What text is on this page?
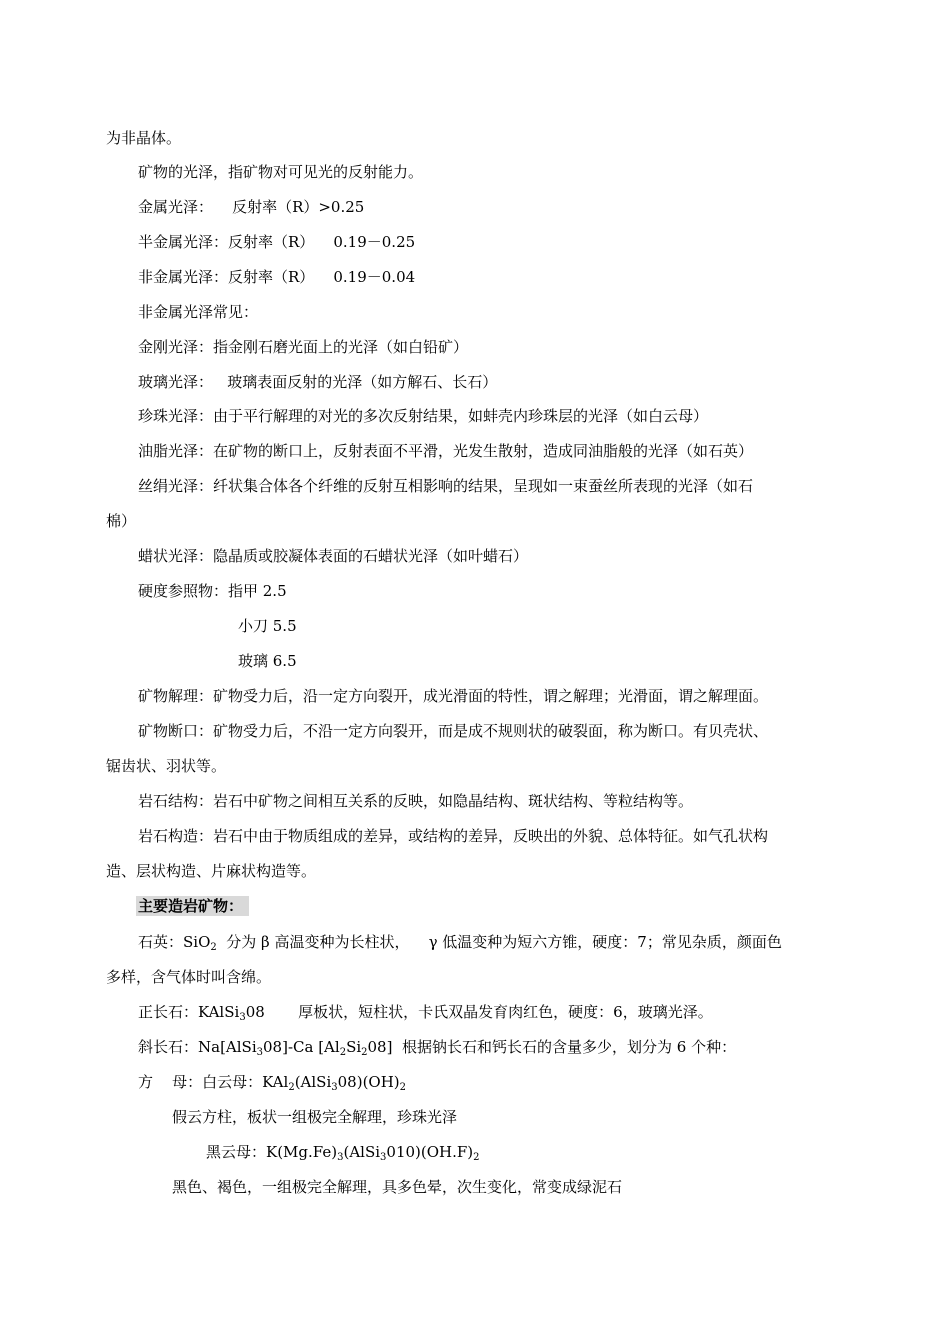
为非晶体。

矿物的光泽，指矿物对可见光的反射能力。

金属光泽：    反射率（R）>0.25

半金属光泽：反射率（R）    0.19－0.25

非金属光泽：反射率（R）    0.19－0.04

非金属光泽常见：

金刚光泽：指金刚石磨光面上的光泽（如白铅矿）

玻璃光泽：   玻璃表面反射的光泽（如方解石、长石）

珍珠光泽：由于平行解理的对光的多次反射结果，如蚌壳内珍珠层的光泽（如白云母）

油脂光泽：在矿物的断口上，反射表面不平滑，光发生散射，造成同油脂般的光泽（如石英）

丝绢光泽：纤状集合体各个纤维的反射互相影响的结果，呈现如一束蚕丝所表现的光泽（如石

棉）

蜡状光泽：隐晶质或胶凝体表面的石蜡状光泽（如叶蜡石）

硬度参照物：指甲 2.5

小刀 5.5

玻璃 6.5

矿物解理：矿物受力后，沿一定方向裂开，成光滑面的特性，谓之解理；光滑面，谓之解理面。

矿物断口：矿物受力后，不沿一定方向裂开，而是成不规则状的破裂面，称为断口。有贝壳状、

锯齿状、羽状等。

岩石结构：岩石中矿物之间相互关系的反映，如隐晶结构、斑状结构、等粒结构等。

岩石构造：岩石中由于物质组成的差异，或结构的差异，反映出的外貌、总体特征。如气孔状构

造、层状构造、片麻状构造等。

主要造岩矿物：

石英：SiO$_2$  分为 β 高温变种为长柱状，    γ 低温变种为短六方锥，硬度：7；常见杂质，颜面色

多样，含气体时叫含绵。

正长石：KAlSi$_3$08       厚板状，短柱状，卡氏双晶发育肉红色，硬度：6，玻璃光泽。

斜长石：Na[AlSi$_3$08]-Ca $[Al_2Si_208]$  根据钠长石和钙长石的含量多少，划分为 6 个种：

方    母：白云母：$KAl_2(AlSi_308)(OH)_2$

假云方柱，板状一组极完全解理，珍珠光泽

黑云母：$K(Mg.Fe)_3(AlSi_3010)(OH.F)_2$

黑色、褐色，一组极完全解理，具多色晕，次生变化，常变成绿泥石
